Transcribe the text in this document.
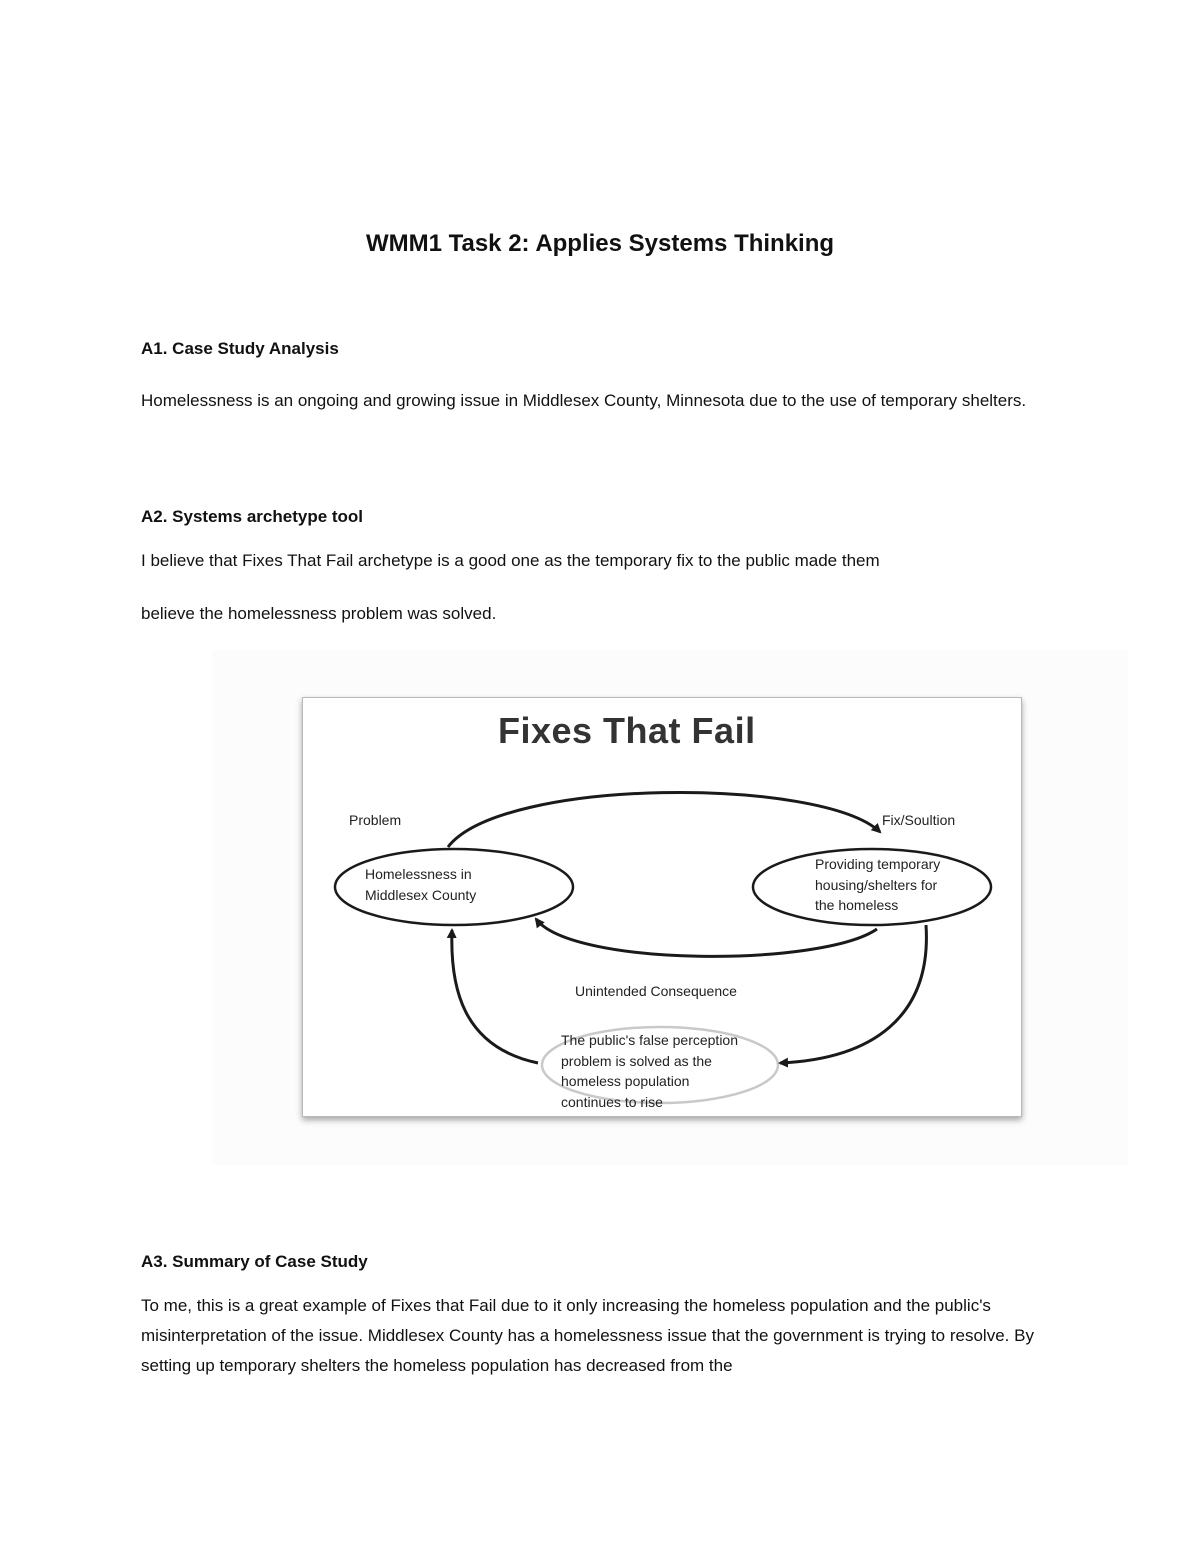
WMM1 Task 2: Applies Systems Thinking
A1. Case Study Analysis
Homelessness is an ongoing and growing issue in Middlesex County, Minnesota due to the use of temporary shelters.
A2. Systems archetype tool
I believe that Fixes That Fail archetype is a good one as the temporary fix to the public made them
believe the homelessness problem was solved.
Fixes That Fail
Problem
Homelessness in
Middlesex County
Fix/Soultion
Providing temporary
housing/shelters for
the homeless
Unintended Consequence
The public's false perception
problem is solved as the
homeless population
continues to rise
A3. Summary of Case Study
To me, this is a great example of Fixes that Fail due to it only increasing the homeless population and the public's misinterpretation of the issue. Middlesex County has a homelessness issue that the government is trying to resolve. By setting up temporary shelters the homeless population has decreased from the
